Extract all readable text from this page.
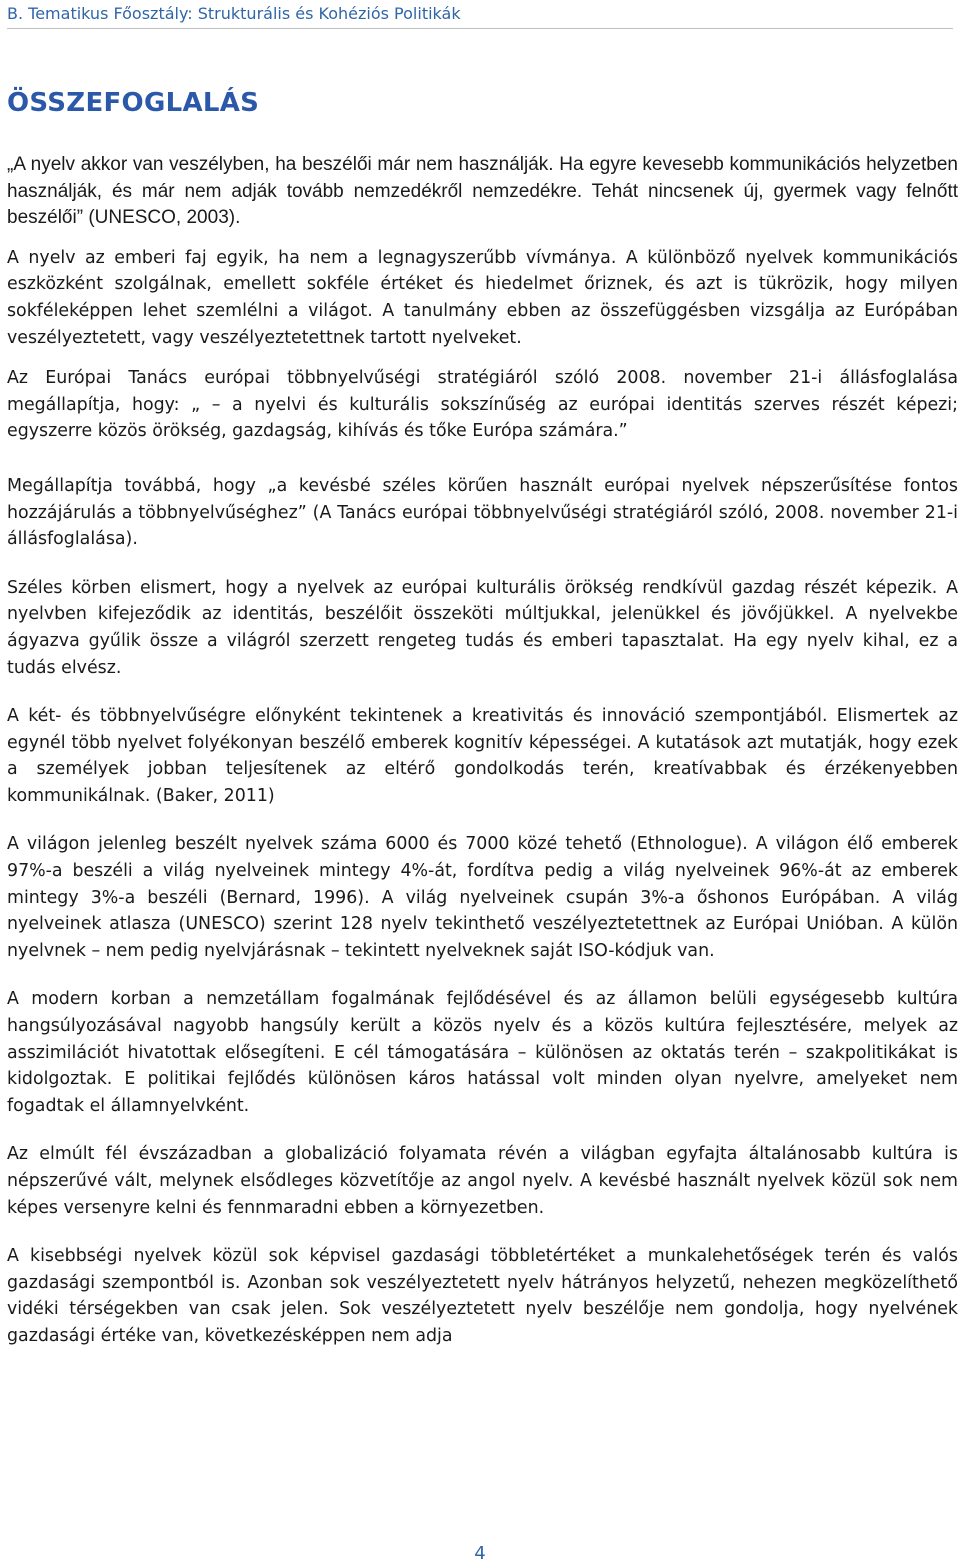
B. Tematikus Főosztály: Strukturális és Kohéziós Politikák
ÖSSZEFOGLALÁS

„A nyelv akkor van veszélyben, ha beszélői már nem használják. Ha egyre kevesebb kommunikációs helyzetben használják, és már nem adják tovább nemzedékről nemzedékre. Tehát nincsenek új, gyermek vagy felnőtt beszélői” (UNESCO, 2003).

A nyelv az emberi faj egyik, ha nem a legnagyszerűbb vívmánya. A különböző nyelvek kommunikációs eszközként szolgálnak, emellett sokféle értéket és hiedelmet őriznek, és azt is tükrözik, hogy milyen sokféleképpen lehet szemlélni a világot. A tanulmány ebben az összefüggésben vizsgálja az Európában veszélyeztetett, vagy veszélyeztetettnek tartott nyelveket.

Az Európai Tanács európai többnyelvűségi stratégiáról szóló 2008. november 21-i állásfoglalása megállapítja, hogy: „ – a nyelvi és kulturális sokszínűség az európai identitás szerves részét képezi; egyszerre közös örökség, gazdagság, kihívás és tőke Európa számára.”

Megállapítja továbbá, hogy „a kevésbé széles körűen használt európai nyelvek népszerűsítése fontos hozzájárulás a többnyelvűséghez” (A Tanács európai többnyelvűségi stratégiáról szóló, 2008. november 21-i állásfoglalása).

Széles körben elismert, hogy a nyelvek az európai kulturális örökség rendkívül gazdag részét képezik. A nyelvben kifejeződik az identitás, beszélőit összeköti múltjukkal, jelenükkel és jövőjükkel. A nyelvekbe ágyazva gyűlik össze a világról szerzett rengeteg tudás és emberi tapasztalat. Ha egy nyelv kihal, ez a tudás elvész.

A két- és többnyelvűségre előnyként tekintenek a kreativitás és innováció szempontjából. Elismertek az egynél több nyelvet folyékonyan beszélő emberek kognitív képességei. A kutatások azt mutatják, hogy ezek a személyek jobban teljesítenek az eltérő gondolkodás terén, kreatívabbak és érzékenyebben kommunikálnak. (Baker, 2011)

A világon jelenleg beszélt nyelvek száma 6000 és 7000 közé tehető (Ethnologue). A világon élő emberek 97%-a beszéli a világ nyelveinek mintegy 4%-át, fordítva pedig a világ nyelveinek 96%-át az emberek mintegy 3%-a beszéli (Bernard, 1996). A világ nyelveinek csupán 3%-a őshonos Európában. A világ nyelveinek atlasza (UNESCO) szerint 128 nyelv tekinthető veszélyeztetettnek az Európai Unióban. A külön nyelvnek – nem pedig nyelvjárásnak – tekintett nyelveknek saját ISO-kódjuk van.

A modern korban a nemzetállam fogalmának fejlődésével és az államon belüli egységesebb kultúra hangsúlyozásával nagyobb hangsúly került a közös nyelv és a közös kultúra fejlesztésére, melyek az asszimilációt hivatottak elősegíteni. E cél támogatására – különösen az oktatás terén – szakpolitikákat is kidolgoztak. E politikai fejlődés különösen káros hatással volt minden olyan nyelvre, amelyeket nem fogadtak el államnyelvként.

Az elmúlt fél évszázadban a globalizáció folyamata révén a világban egyfajta általánosabb kultúra is népszerűvé vált, melynek elsődleges közvetítője az angol nyelv. A kevésbé használt nyelvek közül sok nem képes versenyre kelni és fennmaradni ebben a környezetben.

A kisebbségi nyelvek közül sok képvisel gazdasági többletértéket a munkalehetőségek terén és valós gazdasági szempontból is. Azonban sok veszélyeztetett nyelv hátrányos helyzetű, nehezen megközelíthető vidéki térségekben van csak jelen. Sok veszélyeztetett nyelv beszélője nem gondolja, hogy nyelvének gazdasági értéke van, következésképpen nem adja

4
